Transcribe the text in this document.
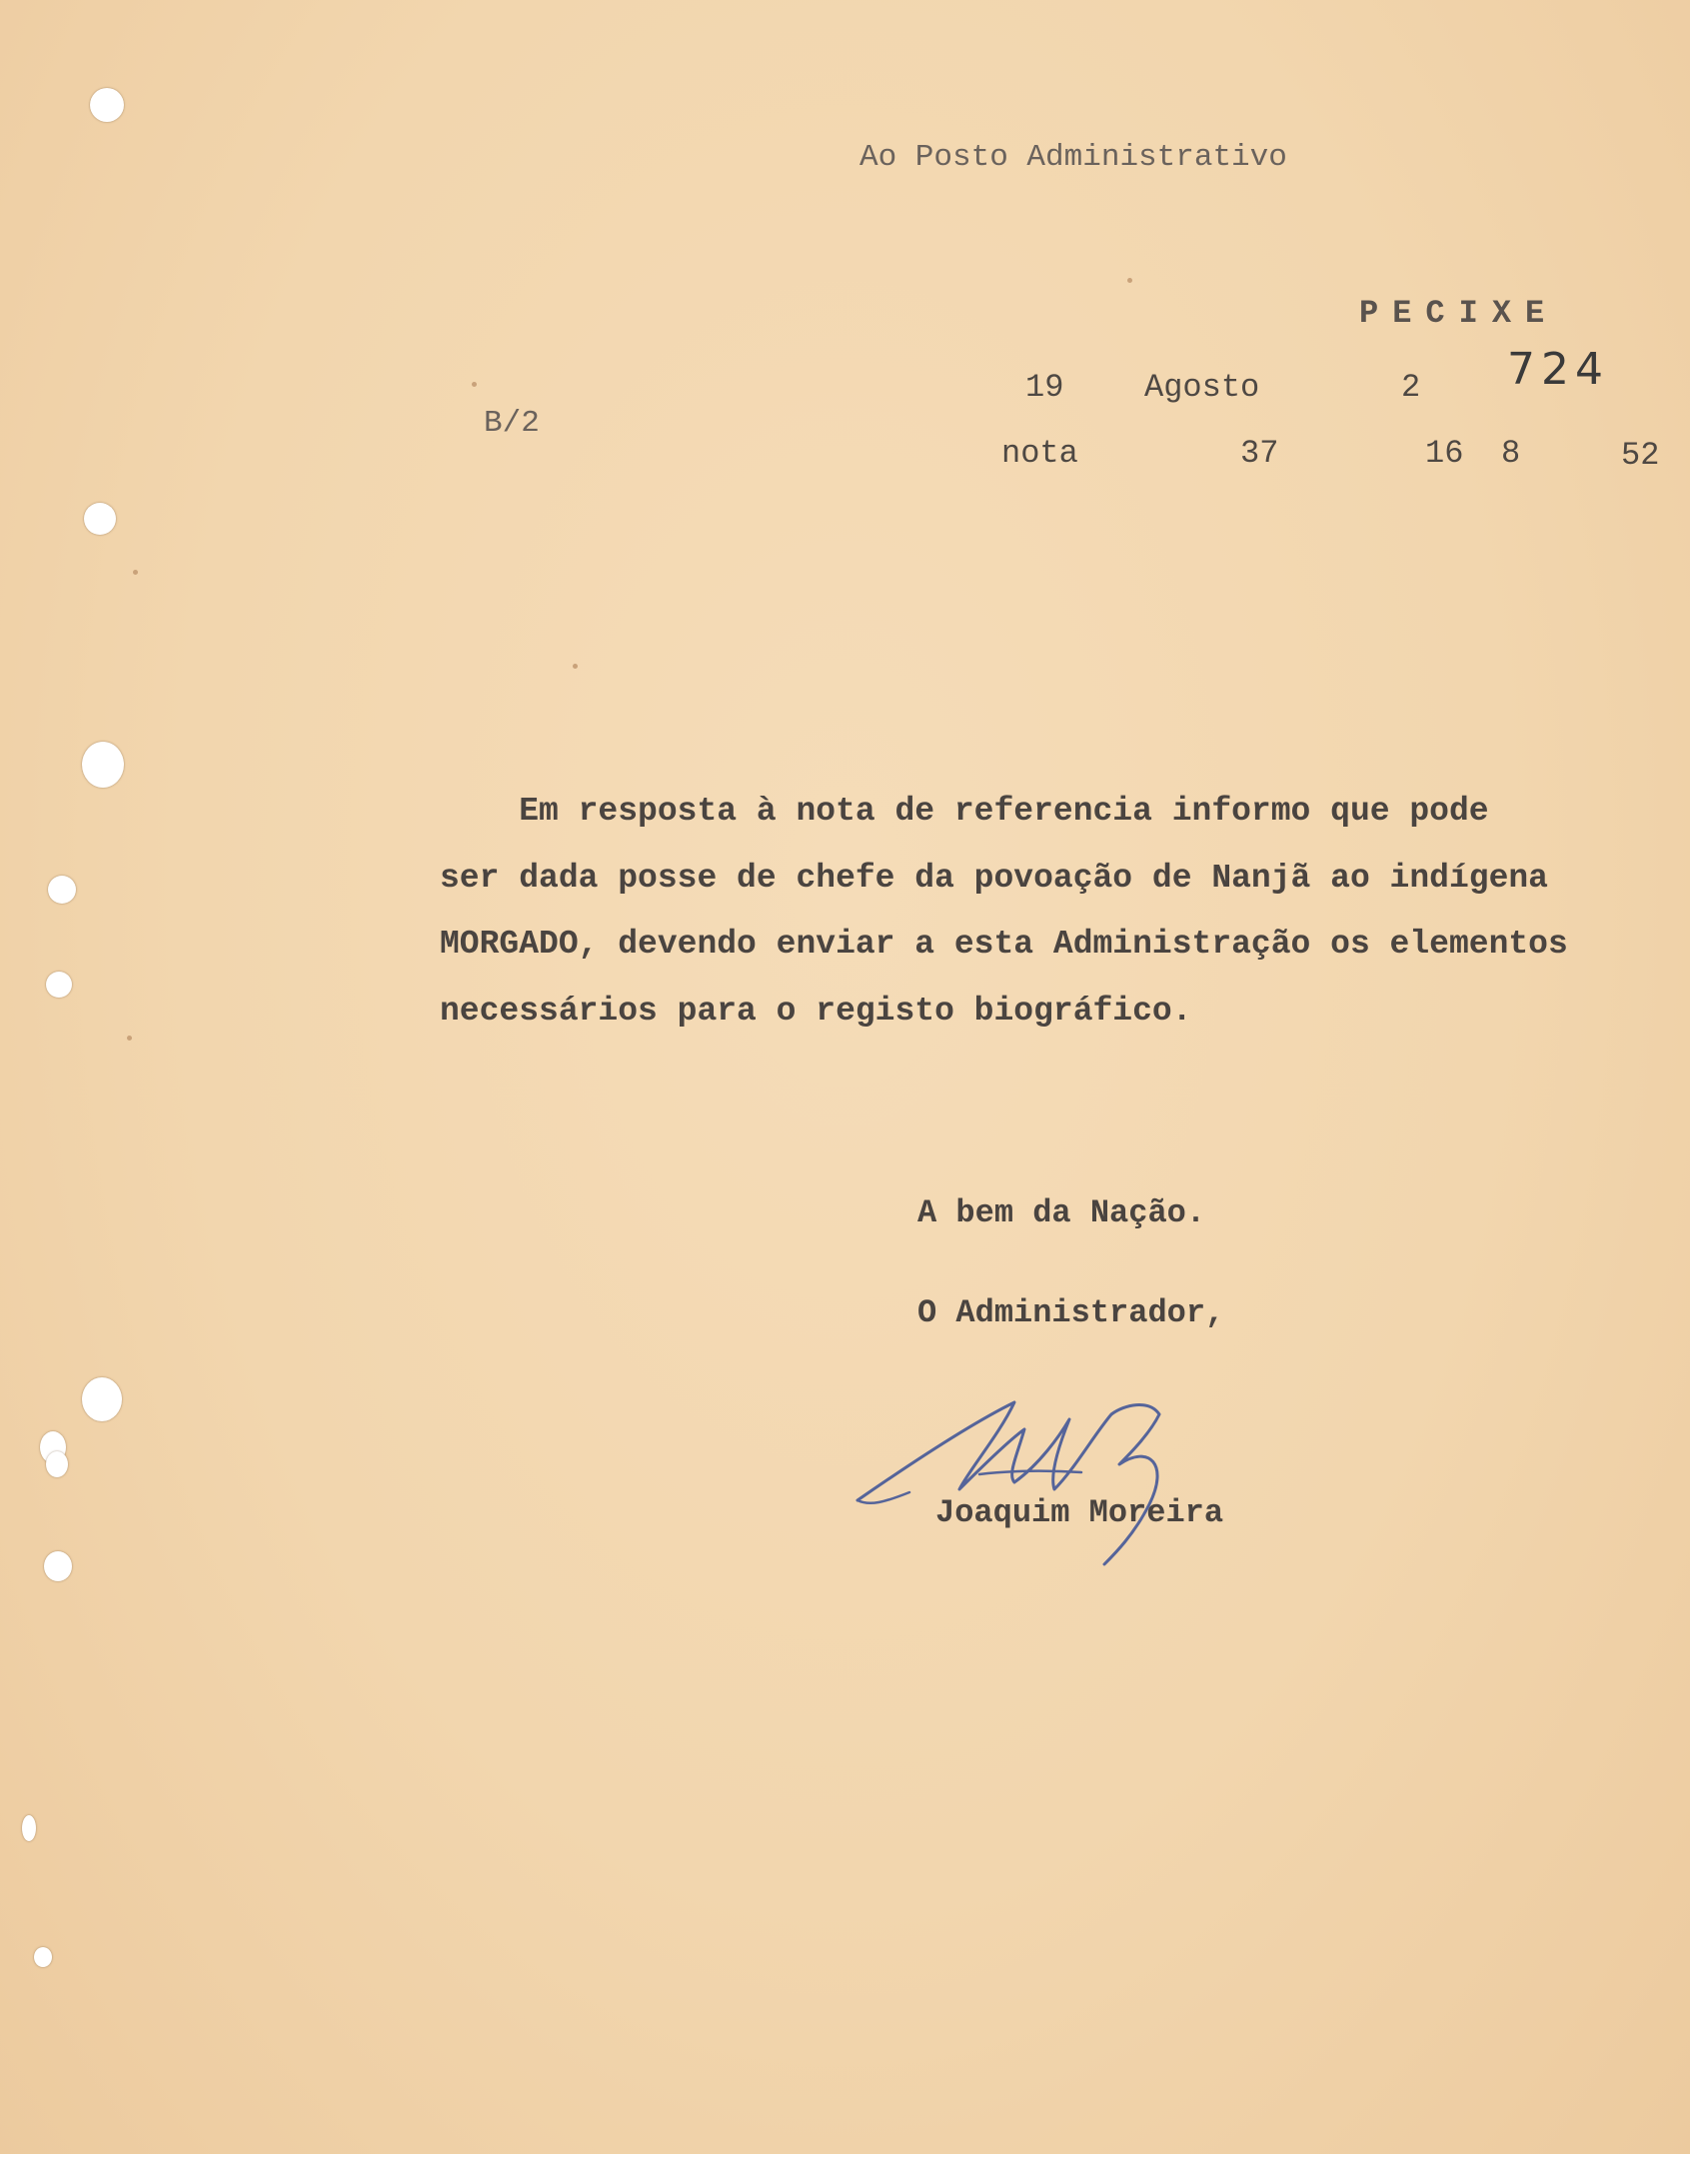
Ao Posto Administrativo
PECIXE
B/2
19	Agosto	2 724
nota	37	16 8	52
Em resposta à nota de referencia informo que pode
ser dada posse de chefe da povoação de Nanjã ao indígena
MORGADO, devendo enviar a esta Administração os elementos
necessários para o registo biográfico.
A bem da Nação.
O Administrador,
Joaquim Moreira
